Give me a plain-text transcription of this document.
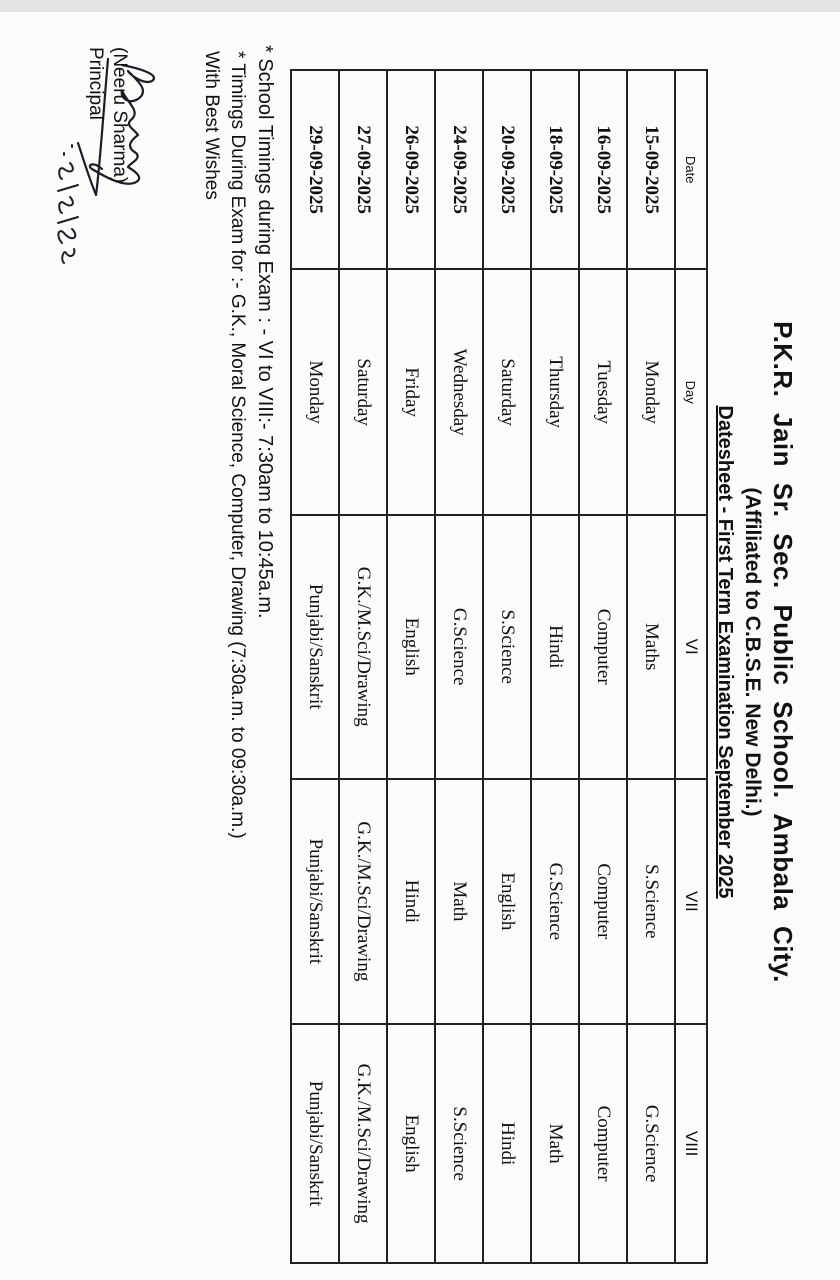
P.K.R. Jain Sr. Sec. Public School. Ambala City.
(Affiliated to C.B.S.E. New Delhi.)
Datesheet - First Term Examination September 2025
Date	Day	VI	VII	VIII
15-09-2025	Monday	Maths	S.Science	G.Science
16-09-2025	Tuesday	Computer	Computer	Computer
18-09-2025	Thursday	Hindi	G.Science	Math
20-09-2025	Saturday	S.Science	English	Hindi
24-09-2025	Wednesday	G.Science	Math	S.Science
26-09-2025	Friday	English	Hindi	English
27-09-2025	Saturday	G.K./M.Sci/Drawing	G.K./M.Sci/Drawing	G.K./M.Sci/Drawing
29-09-2025	Monday	Punjabi/Sanskrit	Punjabi/Sanskrit	Punjabi/Sanskrit
* School Timings during Exam : - VI to VIII:- 7:30am to 10:45a.m.
* Timings During Exam for :- G.K., Moral Science, Computer, Drawing (7:30a.m. to 09:30a.m.)
With Best Wishes
(Neeru Sharma)
Principal
